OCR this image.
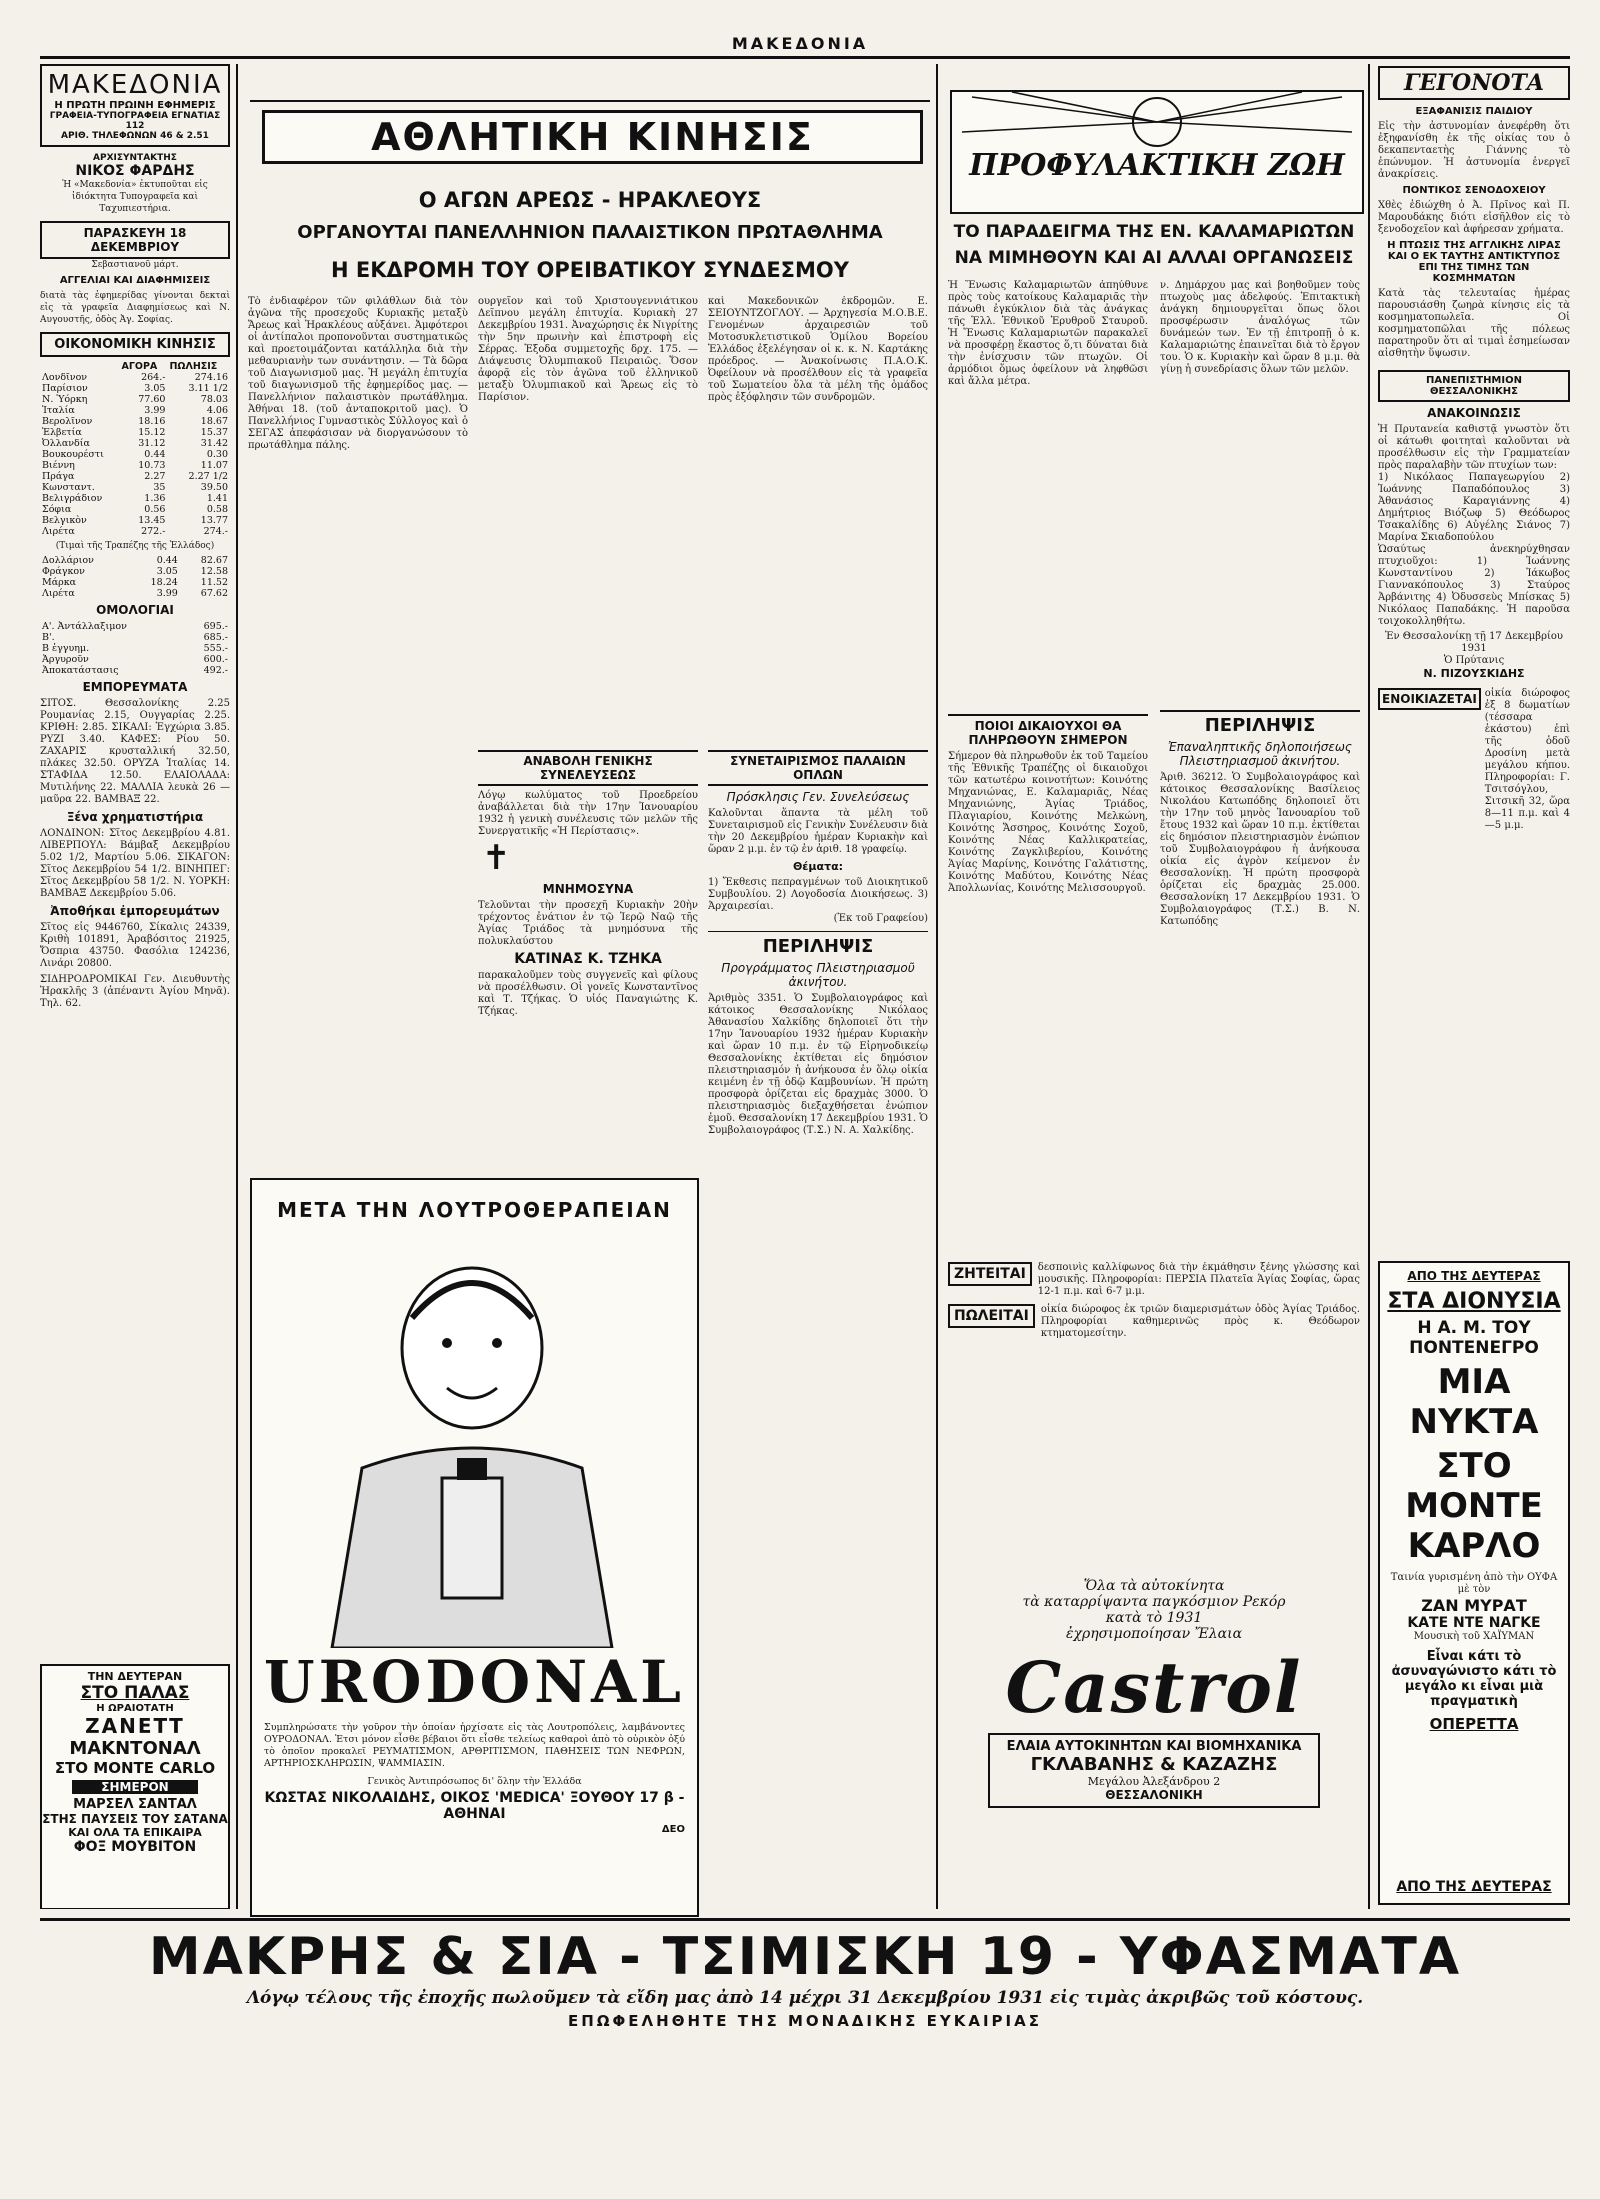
ΜΑΚΕΔΟΝΙΑ
ΜΑΚΕΔΟΝΙΑ
Η ΠΡΩΤΗ ΠΡΩΙΝΗ ΕΦΗΜΕΡΙΣ
ΓΡΑΦΕΙΑ-ΤΥΠΟΓΡΑΦΕΙΑ ΕΓΝΑΤΙΑΣ 112
ΑΡΙΘ. ΤΗΛΕΦΩΝΩΝ 46 & 2.51
ΑΡΧΙΣΥΝΤΑΚΤΗΣ
ΝΙΚΟΣ ΦΑΡΔΗΣ
Ἡ «Μακεδονία» ἐκτυποῦται εἰς ἰδιόκτητα Τυπογραφεῖα καὶ Ταχυπιεστήρια.
ΠΑΡΑΣΚΕΥΗ 18 ΔΕΚΕΜΒΡΙΟΥ
Σεβαστιανοῦ μάρτ.
ΑΓΓΕΛΙΑΙ ΚΑΙ ΔΙΑΦΗΜΙΣΕΙΣ
διατὰ τὰς ἐφημερίδας γίνονται δεκταὶ εἰς τὰ γραφεῖα Διαφημίσεως καὶ Ν. Αυγουστῆς, ὁδὸς Ἀγ. Σοφίας.
ΟΙΚΟΝΟΜΙΚΗ ΚΙΝΗΣΙΣ
	ΑΓΟΡΑ	ΠΩΛΗΣΙΣ
Λονδῖνον	264.-	274.16
Παρίσιον	3.05	3.11 1/2
Ν. Ὑόρκη	77.60	78.03
Ἰταλία	3.99	4.06
Βερολῖνον	18.16	18.67
Ἑλβετία	15.12	15.37
Ὀλλανδία	31.12	31.42
Βουκουρέστι	0.44	0.30
Βιέννη	10.73	11.07
Πράγα	2.27	2.27 1/2
Κωνσταντ.	35	39.50
Βελιγράδιον	1.36	1.41
Σόφια	0.56	0.58
Βελγικὸν	13.45	13.77
Λιρέτα	272.-	274.-
(Τιμαὶ τῆς Τραπέζης τῆς Ἑλλάδος)
Δολλάριον	0.44	82.67
Φράγκον	3.05	12.58
Μάρκα	18.24	11.52
Λιρέτα	3.99	67.62
ΟΜΟΛΟΓΙΑΙ
Α'. Ἀντάλλαξιμον	695.-
Β'.	685.-
Β ἐγγυημ.	555.-
Ἀργυροῦν	600.-
Ἀποκατάστασις	492.-
ΕΜΠΟΡΕΥΜΑΤΑ
ΣΙΤΟΣ. Θεσσαλονίκης 2.25 Ρουμανίας 2.15, Ουγγαρίας 2.25. ΚΡΙΘΗ: 2.85. ΣΙΚΑΛΙ: Ἐγχώρια 3.85. ΡΥΖΙ 3.40. ΚΑΦΕΣ: Ρίου 50. ΖΑΧΑΡΙΣ κρυσταλλική 32.50, πλάκες 32.50. ΟΡΥΖΑ Ἰταλίας 14. ΣΤΑΦΙΔΑ 12.50. ΕΛΑΙΟΛΑΔΑ: Μυτιλήνης 22. ΜΑΛΛΙΑ λευκὰ 26 — μαῦρα 22. ΒΑΜΒΑΞ 22.
Ξένα χρηματιστήρια
ΛΟΝΔΙΝΟΝ: Σῖτος Δεκεμβρίου 4.81. ΛΙΒΕΡΠΟΥΛ: Βάμβαξ Δεκεμβρίου 5.02 1/2, Μαρτίου 5.06. ΣΙΚΑΓΟΝ: Σῖτος Δεκεμβρίου 54 1/2. ΒΙΝΗΠΕΓ: Σῖτος Δεκεμβρίου 58 1/2. Ν. ΥΟΡΚΗ: ΒΑΜΒΑΞ Δεκεμβρίου 5.06.
Ἀποθήκαι ἐμπορευμάτων
Σῖτος εἰς 9446760, Σίκαλις 24339, Κριθὴ 101891, Ἀραβόσιτος 21925, Ὄσπρια 43750. Φασόλια 124236, Λινάρι 20800.
ΣΙΔΗΡΟΔΡΟΜΙΚΑΙ Γεν. Διευθυντὴς Ἠρακλῆς 3 (ἀπέναντι Ἀγίου Μηνᾶ). Τηλ. 62.
ΤΗΝ ΔΕΥΤΕΡΑΝ
ΣΤΟ ΠΑΛΑΣ
Η ΩΡΑΙΟΤΑΤΗ
ΖΑΝΕΤΤ
ΜΑΚΝΤΟΝΑΛ
ΣΤΟ ΜΟΝΤΕ CARLO
ΣΗΜΕΡΟΝ
ΜΑΡΣΕΛ ΣΑΝΤΑΛ
ΣΤΗΣ ΠΑΥΣΕΙΣ ΤΟΥ ΣΑΤΑΝΑ
ΚΑΙ ΟΛΑ ΤΑ ΕΠΙΚΑΙΡΑ
ΦΟΞ ΜΟΥΒΙΤΟΝ
ΑΘΛΗΤΙΚΗ ΚΙΝΗΣΙΣ
Ο ΑΓΩΝ ΑΡΕΩΣ - ΗΡΑΚΛΕΟΥΣ
ΟΡΓΑΝΟΥΤΑΙ ΠΑΝΕΛΛΗΝΙΟΝ ΠΑΛΑΙΣΤΙΚΟΝ ΠΡΩΤΑΘΛΗΜΑ
Η ΕΚΔΡΟΜΗ ΤΟΥ ΟΡΕΙΒΑΤΙΚΟΥ ΣΥΝΔΕΣΜΟΥ
Τὸ ἐνδιαφέρον τῶν φιλάθλων διὰ τὸν ἀγῶνα τῆς προσεχοῦς Κυριακῆς μεταξὺ Ἄρεως καὶ Ἡρακλέους αὐξάνει. Ἀμφότεροι οἱ ἀντίπαλοι προπονοῦνται συστηματικῶς καὶ προετοιμάζονται κατάλληλα διὰ τὴν μεθαυριανὴν των συνάντησιν. — Τὰ δῶρα τοῦ Διαγωνισμοῦ μας. Ἡ μεγάλη ἐπιτυχία τοῦ διαγωνισμοῦ τῆς ἐφημερίδος μας. — Πανελλήνιον παλαιστικὸν πρωτάθλημα. Ἀθήναι 18. (τοῦ ἀνταποκριτοῦ μας). Ὁ Πανελλήνιος Γυμναστικὸς Σύλλογος καὶ ὁ ΣΕΓΑΣ ἀπεφάσισαν νὰ διοργανώσουν τὸ πρωτάθλημα πάλης.
ουργεῖον καὶ τοῦ Χριστουγεννιάτικου Δεῖπνου μεγάλη ἐπιτυχία. Κυριακὴ 27 Δεκεμβρίου 1931. Ἀναχώρησις ἐκ Νιγρίτης τὴν 5ην πρωινὴν καὶ ἐπιστροφὴ εἰς Σέρρας. Ἐξοδα συμμετοχῆς δρχ. 175. — Διάψευσις Ὀλυμπιακοῦ Πειραιῶς. Ὅσον ἀφορᾷ εἰς τὸν ἀγῶνα τοῦ ἐλληνικοῦ μεταξὺ Ὀλυμπιακοῦ καὶ Ἄρεως εἰς τὸ Παρίσιον.
καὶ Μακεδονικῶν ἐκδρομῶν. Ε. ΣΕΙΟΥΝΤΖΟΓΛΟΥ. — Ἀρχηγεσία Μ.Ο.Β.Ε. Γενομένων ἀρχαιρεσιῶν τοῦ Μοτοσυκλετιστικοῦ Ὁμίλου Βορείου Ἑλλάδος ἐξελέγησαν οἱ κ. κ. Ν. Καρτάκης πρόεδρος. — Ἀνακοίνωσις Π.Α.Ο.Κ. Ὀφείλουν νὰ προσέλθουν εἰς τὰ γραφεῖα τοῦ Σωματείου ὅλα τὰ μέλη τῆς ὁμάδος πρὸς ἐξόφλησιν τῶν συνδρομῶν.
ΑΝΑΒΟΛΗ ΓΕΝΙΚΗΣ ΣΥΝΕΛΕΥΣΕΩΣ
Λόγῳ κωλύματος τοῦ Προεδρείου ἀναβάλλεται διὰ τὴν 17ην Ἰανουαρίου 1932 ἡ γενικὴ συνέλευσις τῶν μελῶν τῆς Συνεργατικῆς «Ἡ Περίστασις».
✝
ΜΝΗΜΟΣΥΝΑ
Τελοῦνται τὴν προσεχῆ Κυριακὴν 20ὴν τρέχοντος ἐνάτιον ἐν τῷ Ἱερῷ Ναῷ τῆς Ἁγίας Τριάδος τὰ μνημόσυνα τῆς πολυκλαύστου
ΚΑΤΙΝΑΣ Κ. ΤΖΗΚΑ
παρακαλοῦμεν τοὺς συγγενεῖς καὶ φίλους νὰ προσέλθωσιν. Οἱ γονεῖς Κωνσταντῖνος καὶ Τ. Τζήκας. Ὁ υἱός Παναγιώτης Κ. Τζήκας.
ΣΥΝΕΤΑΙΡΙΣΜΟΣ ΠΑΛΑΙΩΝ ΟΠΛΩΝ
Πρόσκλησις Γεν. Συνελεύσεως
Καλοῦνται ἅπαντα τὰ μέλη τοῦ Συνεταιρισμοῦ εἰς Γενικὴν Συνέλευσιν διὰ τὴν 20 Δεκεμβρίου ἡμέραν Κυριακὴν καὶ ὥραν 2 μ.μ. ἐν τῷ ἐν ἀριθ. 18 γραφείῳ.
Θέματα:
1) Ἔκθεσις πεπραγμένων τοῦ Διοικητικοῦ Συμβουλίου. 2) Λογοδοσία Διοικήσεως. 3) Ἀρχαιρεσίαι.
(Ἐκ τοῦ Γραφείου)
ΠΕΡΙΛΗΨΙΣ
Προγράμματος Πλειστηριασμοῦ ἀκινήτου.
Ἀριθμὸς 3351. Ὁ Συμβολαιογράφος καὶ κάτοικος Θεσσαλονίκης Νικόλαος Ἀθανασίου Χαλκίδης δηλοποιεῖ ὅτι τὴν 17ην Ἰανουαρίου 1932 ἡμέραν Κυριακὴν καὶ ὥραν 10 π.μ. ἐν τῷ Εἰρηνοδικείῳ Θεσσαλονίκης ἐκτίθεται εἰς δημόσιον πλειστηριασμόν ἡ ἀνήκουσα ἐν ὅλῳ οἰκία κειμένη ἐν τῇ ὁδῷ Καμβουνίων. Ἡ πρώτη προσφορὰ ὁρίζεται εἰς δραχμὰς 3000. Ὁ πλειστηριασμὸς διεξαχθήσεται ἐνώπιον ἐμοῦ. Θεσσαλονίκη 17 Δεκεμβρίου 1931. Ὁ Συμβολαιογράφος (Τ.Σ.) Ν. Α. Χαλκίδης.
ΜΕΤΑ ΤΗΝ ΛΟΥΤΡΟΘΕΡΑΠΕΙΑΝ
URODONAL
Συμπληρώσατε τὴν γοῦρον τὴν ὁποίαν ἠρχίσατε εἰς τὰς Λουτροπόλεις, λαμβάνοντες ΟΥΡΟΔΟΝΑΛ. Ἐτσι μόνον εἶσθε βέβαιοι ὅτι εἶσθε τελείως καθαροὶ ἀπὸ τὸ οὐρικὸν ὀξύ τὸ ὁποῖον προκαλεῖ ΡΕΥΜΑΤΙΣΜΟΝ, ΑΡΘΡΙΤΙΣΜΟΝ, ΠΑΘΗΣΕΙΣ ΤΩΝ ΝΕΦΡΩΝ, ΑΡΤΗΡΙΟΣΚΛΗΡΩΣΙΝ, ΨΑΜΜΙΑΣΙΝ.
Γενικὸς Ἀντιπρόσωπος δι' ὅλην τὴν Ἑλλάδα
ΚΩΣΤΑΣ ΝΙΚΟΛΑΙΔΗΣ, ΟΙΚΟΣ 'MEDICA' ΞΟΥΘΟΥ 17 β - ΑΘΗΝΑΙ
ΔΕΟ
ΠΡΟΦΥΛΑΚΤΙΚΗ ΖΩΗ
ΤΟ ΠΑΡΑΔΕΙΓΜΑ ΤΗΣ ΕΝ. ΚΑΛΑΜΑΡΙΩΤΩΝ
ΝΑ ΜΙΜΗΘΟΥΝ ΚΑΙ ΑΙ ΑΛΛΑΙ ΟΡΓΑΝΩΣΕΙΣ
Ἡ Ἕνωσις Καλαμαριωτῶν ἀπηύθυνε πρὸς τοὺς κατοίκους Καλαμαριᾶς τὴν πάνωθι ἐγκύκλιον διὰ τὰς ἀνάγκας τῆς Ἑλλ. Ἐθνικοῦ Ἐρυθροῦ Σταυροῦ. Ἡ Ἕνωσις Καλαμαριωτῶν παρακαλεῖ νὰ προσφέρῃ ἕκαστος ὅ,τι δύναται διὰ τὴν ἐνίσχυσιν τῶν πτωχῶν. Οἱ ἀρμόδιοι ὅμως ὀφείλουν νὰ ληφθῶσι καὶ ἄλλα μέτρα.
ν. Δημάρχου μας καὶ βοηθοῦμεν τοὺς πτωχοὺς μας ἀδελφούς. Ἐπιτακτικὴ ἀνάγκη δημιουργεῖται ὅπως ὅλοι προσφέρωσιν ἀναλόγως τῶν δυνάμεών των. Ἐν τῇ ἐπιτροπῇ ὁ κ. Καλαμαριώτης ἐπαινεῖται διὰ τὸ ἔργον του. Ὁ κ. Κυριακὴν καὶ ὥραν 8 μ.μ. θὰ γίνῃ ἡ συνεδρίασις ὅλων τῶν μελῶν.
ΠΟΙΟΙ ΔΙΚΑΙΟΥΧΟΙ ΘΑ ΠΛΗΡΩΘΟΥΝ ΣΗΜΕΡΟΝ
Σήμερον θὰ πληρωθοῦν ἐκ τοῦ Ταμείου τῆς Ἐθνικῆς Τραπέζης οἱ δικαιοῦχοι τῶν κατωτέρω κοινοτήτων: Κοινότης Μηχανιώνας, Ε. Καλαμαριᾶς, Νέας Μηχανιώνης, Ἁγίας Τριάδος, Πλαγιαρίου, Κοινότης Μελκώνη, Κοινότης Ἄσσηρος, Κοινότης Σοχοῦ, Κοινότης Νέας Καλλικρατείας, Κοινότης Ζαγκλιβερίου, Κοινότης Ἁγίας Μαρίνης, Κοινότης Γαλάτιστης, Κοινότης Μαδύτου, Κοινότης Νέας Ἀπολλωνίας, Κοινότης Μελισσουργοῦ.
ΠΕΡΙΛΗΨΙΣ
Ἐπαναληπτικῆς δηλοποιήσεως Πλειστηριασμοῦ ἀκινήτου.
Ἀριθ. 36212. Ὁ Συμβολαιογράφος καὶ κάτοικος Θεσσαλονίκης Βασίλειος Νικολάου Κατωπόδης δηλοποιεῖ ὅτι τὴν 17ην τοῦ μηνὸς Ἰανουαρίου τοῦ ἔτους 1932 καὶ ὥραν 10 π.μ. ἐκτίθεται εἰς δημόσιον πλειστηριασμὸν ἐνώπιον τοῦ Συμβολαιογράφου ἡ ἀνήκουσα οἰκία εἰς ἀγρὸν κείμενον ἐν Θεσσαλονίκῃ. Ἡ πρώτη προσφορὰ ὁρίζεται εἰς δραχμὰς 25.000. Θεσσαλονίκη 17 Δεκεμβρίου 1931. Ὁ Συμβολαιογράφος (Τ.Σ.) Β. Ν. Κατωπόδης
ΖΗΤΕΙΤΑΙ	δεσποινὶς καλλίφωνος διὰ τὴν ἐκμάθησιν ξένης γλώσσης καὶ μουσικῆς. Πληροφορίαι: ΠΕΡΣΙΑ Πλατεῖα Ἁγίας Σοφίας, ὥρας 12-1 π.μ. καὶ 6-7 μ.μ.
ΠΩΛΕΙΤΑΙ	οἰκία διώροφος ἐκ τριῶν διαμερισμάτων ὁδὸς Ἁγίας Τριάδος. Πληροφορίαι καθημερινῶς πρὸς κ. Θεόδωρον κτηματομεσίτην.
Ὅλα τὰ αὐτοκίνητα
τὰ καταρρίψαντα παγκόσμιον Ρεκόρ
κατὰ τὸ 1931
ἐχρησιμοποίησαν Ἔλαια
Castrol
ΕΛΑΙΑ ΑΥΤΟΚΙΝΗΤΩΝ ΚΑΙ ΒΙΟΜΗΧΑΝΙΚΑ
ΓΚΛΑΒΑΝΗΣ & ΚΑΖΑΖΗΣ
Μεγάλου Ἀλεξάνδρου 2
ΘΕΣΣΑΛΟΝΙΚΗ
ΓΕΓΟΝΟΤΑ
ΕΞΑΦΑΝΙΣΙΣ ΠΑΙΔΙΟΥ
Εἰς τὴν ἀστυνομίαν ἀνεφέρθη ὅτι ἐξηφανίσθη ἐκ τῆς οἰκίας του ὁ δεκαπενταετὴς Γιάννης τὸ ἐπώνυμον. Ἡ ἀστυνομία ἐνεργεῖ ἀνακρίσεις.
ΠΟΝΤΙΚΟΣ ΣΕΝΟΔΟΧΕΙΟΥ
Χθὲς ἐδιώχθη ὁ Ἀ. Πρῖνος καὶ Π. Μαρουδάκης διότι εἰσῆλθον εἰς τὸ ξενοδοχεῖον καὶ ἀφήρεσαν χρήματα.
Η ΠΤΩΣΙΣ ΤΗΣ ΑΓΓΛΙΚΗΣ ΛΙΡΑΣ ΚΑΙ Ο ΕΚ ΤΑΥΤΗΣ ΑΝΤΙΚΤΥΠΟΣ ΕΠΙ ΤΗΣ ΤΙΜΗΣ ΤΩΝ ΚΟΣΜΗΜΑΤΩΝ
Κατὰ τὰς τελευταίας ἡμέρας παρουσιάσθη ζωηρὰ κίνησις εἰς τὰ κοσμηματοπωλεῖα. Οἱ κοσμηματοπῶλαι τῆς πόλεως παρατηροῦν ὅτι αἱ τιμαὶ ἐσημείωσαν αἰσθητὴν ὕψωσιν.
ΠΑΝΕΠΙΣΤΗΜΙΟΝ ΘΕΣΣΑΛΟΝΙΚΗΣ
ΑΝΑΚΟΙΝΩΣΙΣ
Ἡ Πρυτανεία καθιστᾷ γνωστὸν ὅτι οἱ κάτωθι φοιτηταὶ καλοῦνται νὰ προσέλθωσιν εἰς τὴν Γραμματείαν πρὸς παραλαβὴν τῶν πτυχίων των:
1) Νικόλαος Παπαγεωργίου 2) Ἰωάννης Παπαδόπουλος 3) Ἀθανάσιος Καραγιάννης 4) Δημήτριος Βιόζωφ 5) Θεόδωρος Τσακαλίδης 6) Αὐγέλης Σιάνος 7) Μαρίνα Σκιαδοπούλου
Ὡσαύτως ἀνεκηρύχθησαν πτυχιοῦχοι: 1) Ἰωάννης Κωνσταντίνου 2) Ἰάκωβος Γιαννακόπουλος 3) Σταύρος Ἀρβάνιτης 4) Ὀδυσσεὺς Μπίσκας 5) Νικόλαος Παπαδάκης. Ἡ παροῦσα τοιχοκολληθήτω.
Ἐν Θεσσαλονίκῃ τῇ 17 Δεκεμβρίου 1931
Ὁ Πρύτανις
Ν. ΠΙΖΟΥΣΚΙΔΗΣ
ΕΝΟΙΚΙΑΖΕΤΑΙ οἰκία διώροφος ἐξ 8 δωματίων (τέσσαρα ἑκάστου) ἐπὶ τῆς ὁδοῦ Δροσίνη μετὰ μεγάλου κήπου. Πληροφορίαι: Γ. Τσιτσόγλου, Σιτσικῆ 32, ὥρα 8—11 π.μ. καὶ 4—5 μ.μ.
ΑΠΟ ΤΗΣ ΔΕΥΤΕΡΑΣ
ΣΤΑ ΔΙΟΝΥΣΙΑ
Η Α. Μ. ΤΟΥ ΠΟΝΤΕΝΕΓΡΟ
ΜΙΑ ΝΥΚΤΑ
ΣΤΟ ΜΟΝΤΕ ΚΑΡΛΟ
Ταινία γυρισμένη ἀπὸ τὴν ΟΥΦΑ
μὲ τὸν
ΖΑΝ ΜΥΡΑΤ
ΚΑΤΕ ΝΤΕ ΝΑΓΚΕ
Μουσικὴ τοῦ ΧΑΪΥΜΑΝ
Εἶναι κάτι τὸ ἀσυναγώνιστο κάτι τὸ μεγάλο κι εἶναι μιὰ πραγματικὴ
ΟΠΕΡΕΤΤΑ
ΑΠΟ ΤΗΣ ΔΕΥΤΕΡΑΣ
ΜΑΚΡΗΣ & ΣΙΑ - ΤΣΙΜΙΣΚΗ 19 - ΥΦΑΣΜΑΤΑ
Λόγῳ τέλους τῆς ἐποχῆς πωλοῦμεν τὰ εἴδη μας ἀπὸ 14 μέχρι 31 Δεκεμβρίου 1931 εἰς τιμὰς ἀκριβῶς τοῦ κόστους.
ΕΠΩΦΕΛΗΘΗΤΕ ΤΗΣ ΜΟΝΑΔΙΚΗΣ ΕΥΚΑΙΡΙΑΣ
